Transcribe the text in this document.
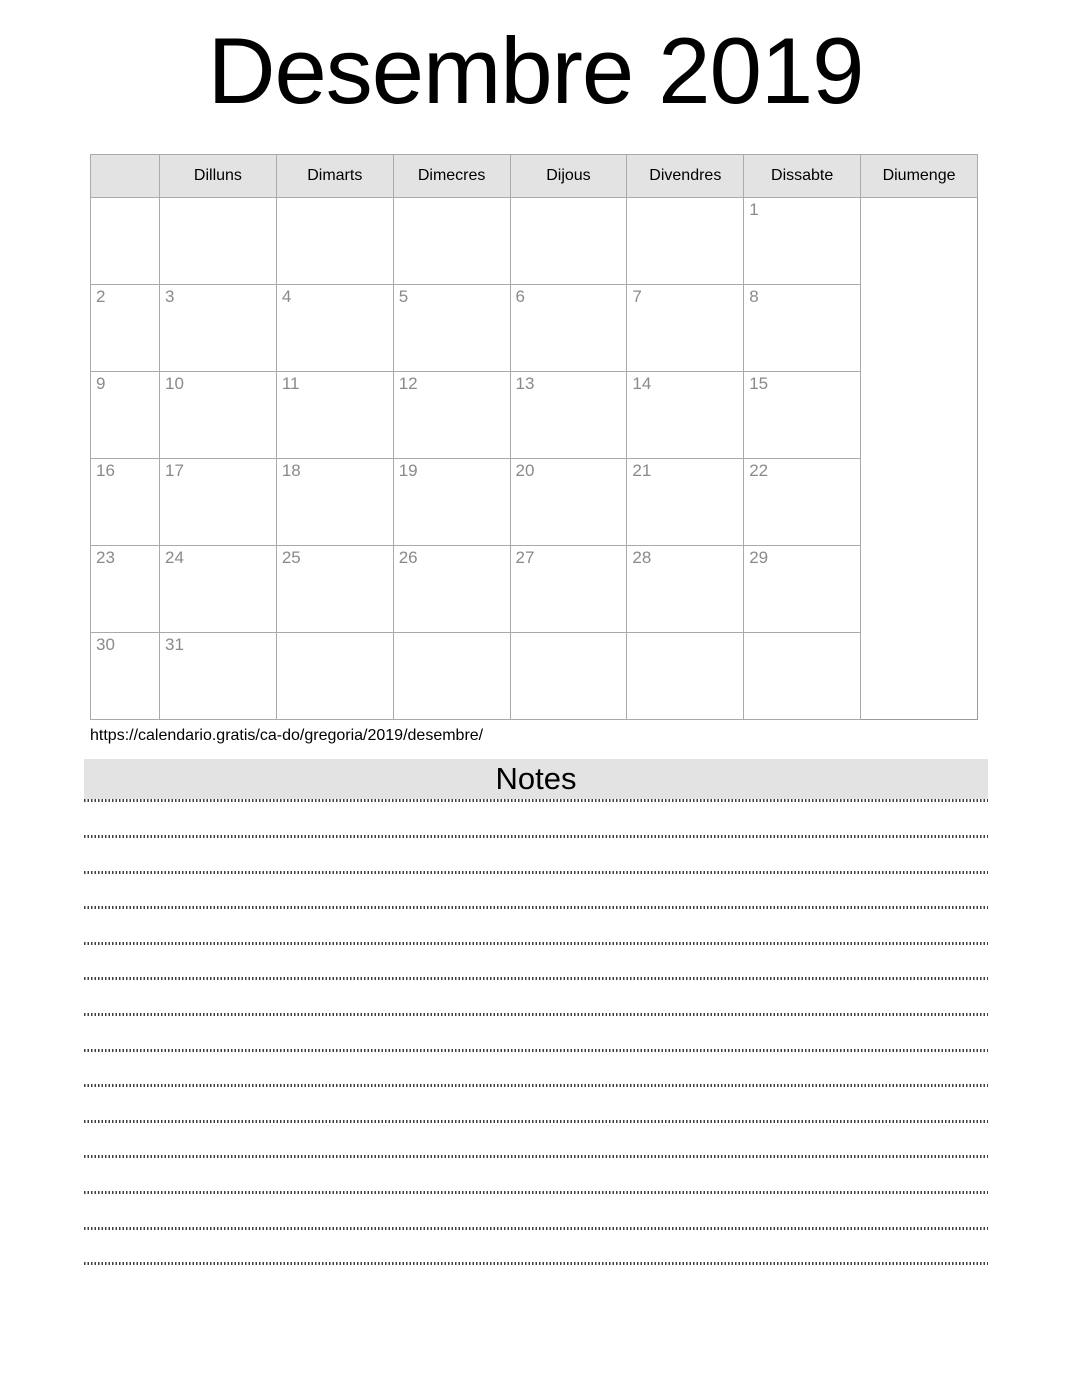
Desembre 2019
	Dilluns	Dimarts	Dimecres	Dijous	Divendres	Dissabte	Diumenge
						1	
2	3	4	5	6	7	8	
9	10	11	12	13	14	15	
16	17	18	19	20	21	22	
23	24	25	26	27	28	29	
30	31						
https://calendario.gratis/ca-do/gregoria/2019/desembre/
Notes
